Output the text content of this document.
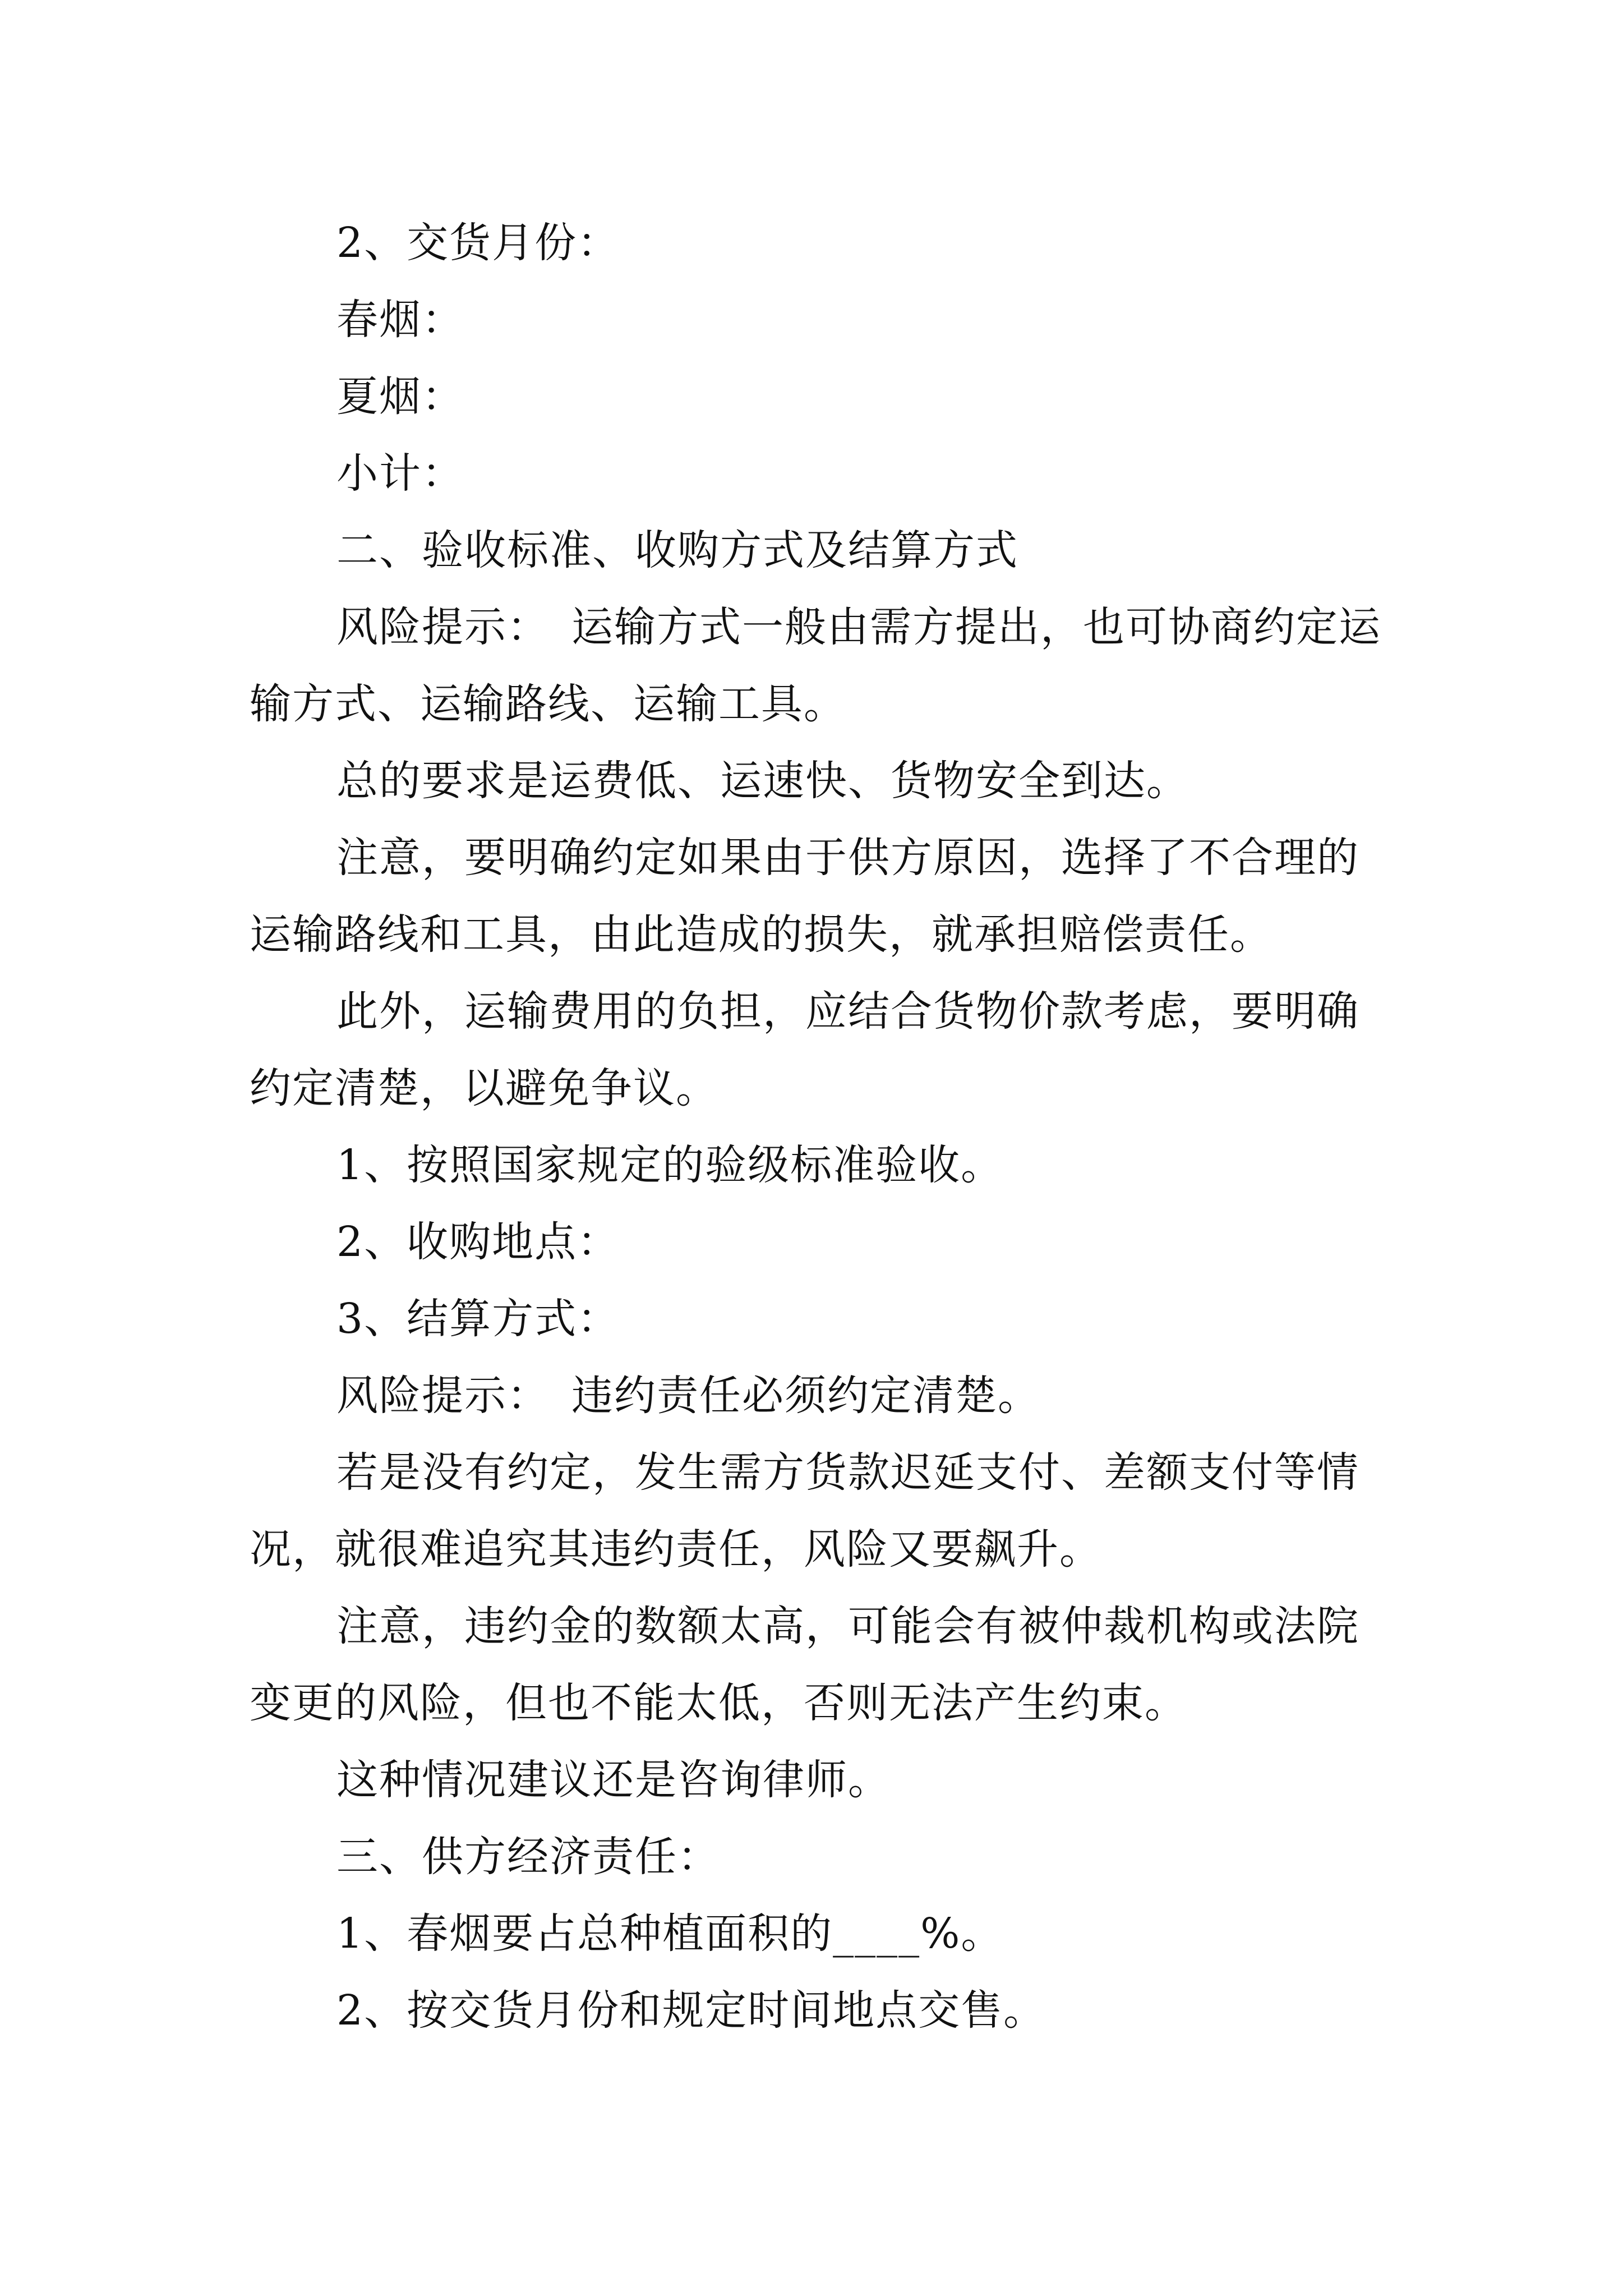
2、交货月份：

春烟：

夏烟：

小计：

二、验收标准、收购方式及结算方式

风险提示：　运输方式一般由需方提出，也可协商约定运输方式、运输路线、运输工具。

总的要求是运费低、运速快、货物安全到达。

注意，要明确约定如果由于供方原因，选择了不合理的运输路线和工具，由此造成的损失，就承担赔偿责任。

此外，运输费用的负担，应结合货物价款考虑，要明确约定清楚，以避免争议。

1、按照国家规定的验级标准验收。

2、收购地点：

3、结算方式：

风险提示：　违约责任必须约定清楚。

若是没有约定，发生需方货款迟延支付、差额支付等情况，就很难追究其违约责任，风险又要飙升。

注意，违约金的数额太高，可能会有被仲裁机构或法院变更的风险，但也不能太低，否则无法产生约束。

这种情况建议还是咨询律师。

三、供方经济责任：

1、春烟要占总种植面积的____%。

2、按交货月份和规定时间地点交售。
